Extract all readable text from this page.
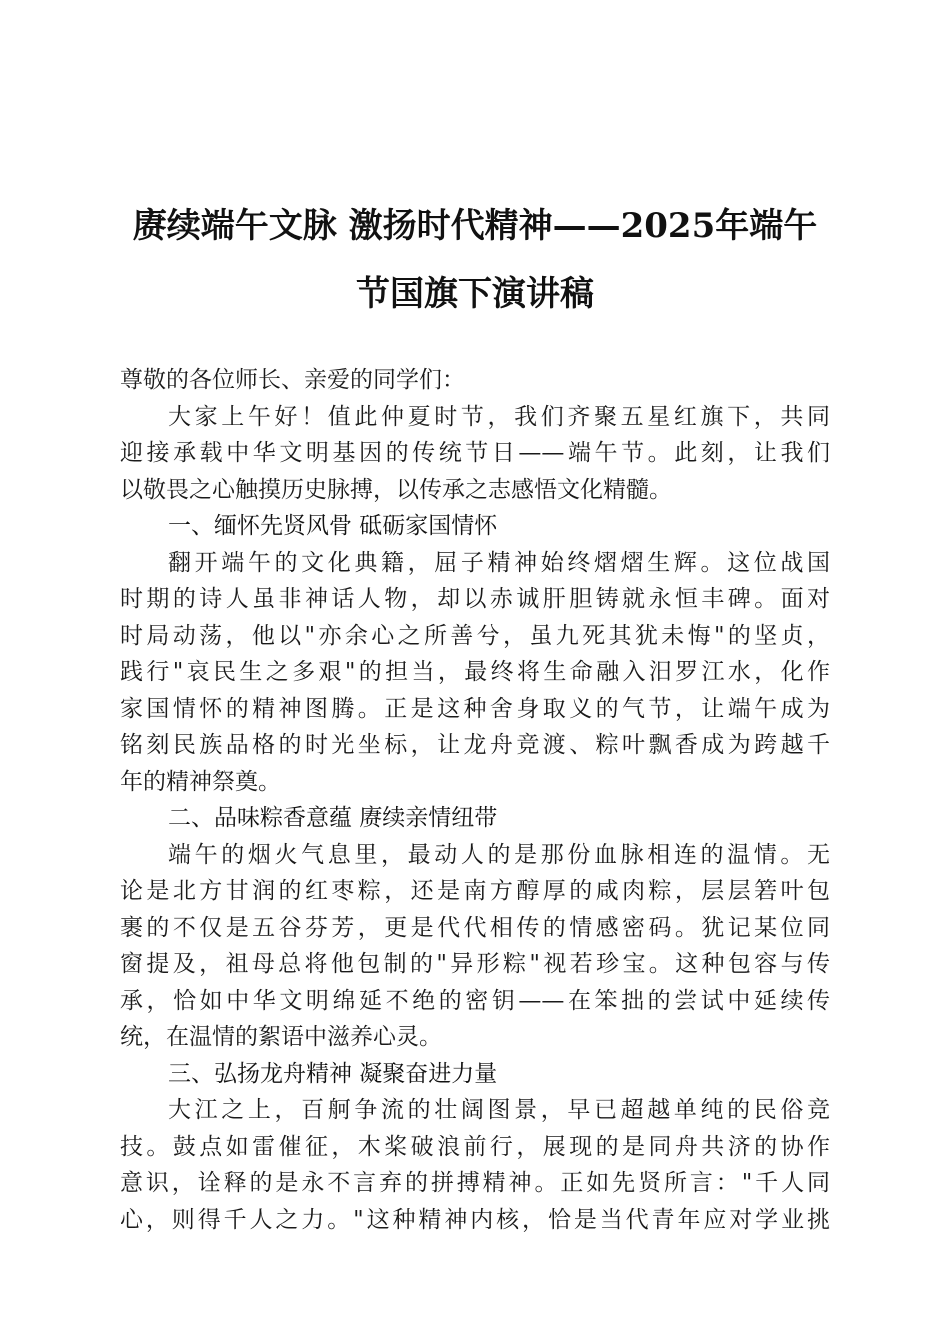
赓续端午文脉 激扬时代精神——2025年端午
节国旗下演讲稿
尊敬的各位师长、亲爱的同学们：
大家上午好！值此仲夏时节，我们齐聚五星红旗下，共同
迎接承载中华文明基因的传统节日——端午节。此刻，让我们
以敬畏之心触摸历史脉搏，以传承之志感悟文化精髓。
一、缅怀先贤风骨 砥砺家国情怀
翻开端午的文化典籍，屈子精神始终熠熠生辉。这位战国
时期的诗人虽非神话人物，却以赤诚肝胆铸就永恒丰碑。面对
时局动荡，他以"亦余心之所善兮，虽九死其犹未悔"的坚贞，
践行"哀民生之多艰"的担当，最终将生命融入汨罗江水，化作
家国情怀的精神图腾。正是这种舍身取义的气节，让端午成为
铭刻民族品格的时光坐标，让龙舟竞渡、粽叶飘香成为跨越千
年的精神祭奠。
二、品味粽香意蕴 赓续亲情纽带
端午的烟火气息里，最动人的是那份血脉相连的温情。无
论是北方甘润的红枣粽，还是南方醇厚的咸肉粽，层层箬叶包
裹的不仅是五谷芬芳，更是代代相传的情感密码。犹记某位同
窗提及，祖母总将他包制的"异形粽"视若珍宝。这种包容与传
承，恰如中华文明绵延不绝的密钥——在笨拙的尝试中延续传
统，在温情的絮语中滋养心灵。
三、弘扬龙舟精神 凝聚奋进力量
大江之上，百舸争流的壮阔图景，早已超越单纯的民俗竞
技。鼓点如雷催征，木桨破浪前行，展现的是同舟共济的协作
意识，诠释的是永不言弃的拼搏精神。正如先贤所言："千人同
心，则得千人之力。"这种精神内核，恰是当代青年应对学业挑
